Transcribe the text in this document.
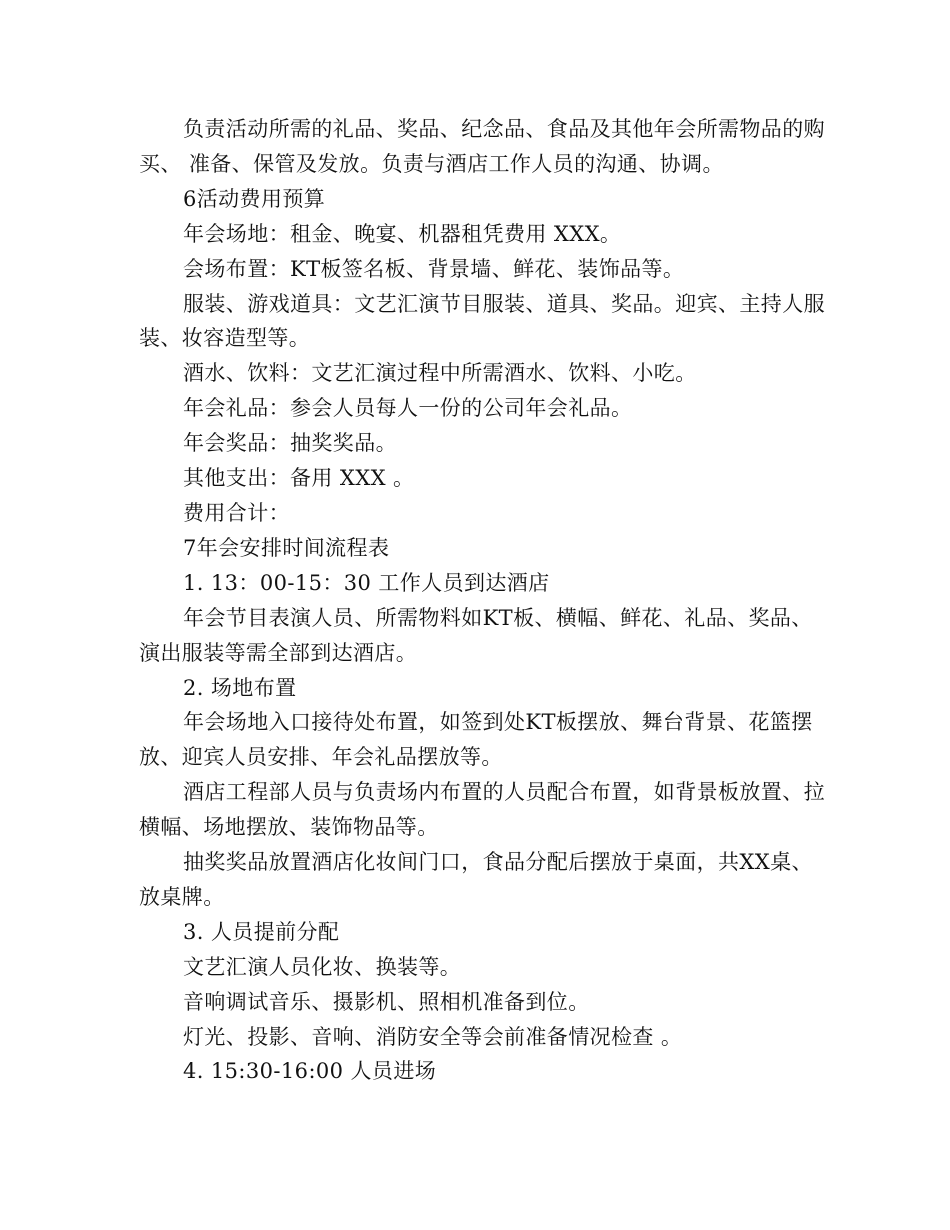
负责活动所需的礼品、奖品、纪念品、食品及其他年会所需物品的购买、 准备、保管及发放。负责与酒店工作人员的沟通、协调。

6活动费用预算

年会场地：租金、晚宴、机器租凭费用 XXX。

会场布置：KT板签名板、背景墙、鲜花、装饰品等。

服装、游戏道具：文艺汇演节目服装、道具、奖品。迎宾、主持人服装、妆容造型等。

酒水、饮料：文艺汇演过程中所需酒水、饮料、小吃。

年会礼品：参会人员每人一份的公司年会礼品。

年会奖品：抽奖奖品。

其他支出：备用 XXX 。

费用合计：

7年会安排时间流程表

1. 13：00-15：30 工作人员到达酒店

年会节目表演人员、所需物料如KT板、横幅、鲜花、礼品、奖品、演出服装等需全部到达酒店。

2. 场地布置

年会场地入口接待处布置，如签到处KT板摆放、舞台背景、花篮摆放、迎宾人员安排、年会礼品摆放等。

酒店工程部人员与负责场内布置的人员配合布置，如背景板放置、拉横幅、场地摆放、装饰物品等。

抽奖奖品放置酒店化妆间门口，食品分配后摆放于桌面，共XX桌、放桌牌。

3. 人员提前分配

文艺汇演人员化妆、换装等。

音响调试音乐、摄影机、照相机准备到位。

灯光、投影、音响、消防安全等会前准备情况检查 。

4. 15:30-16:00 人员进场
